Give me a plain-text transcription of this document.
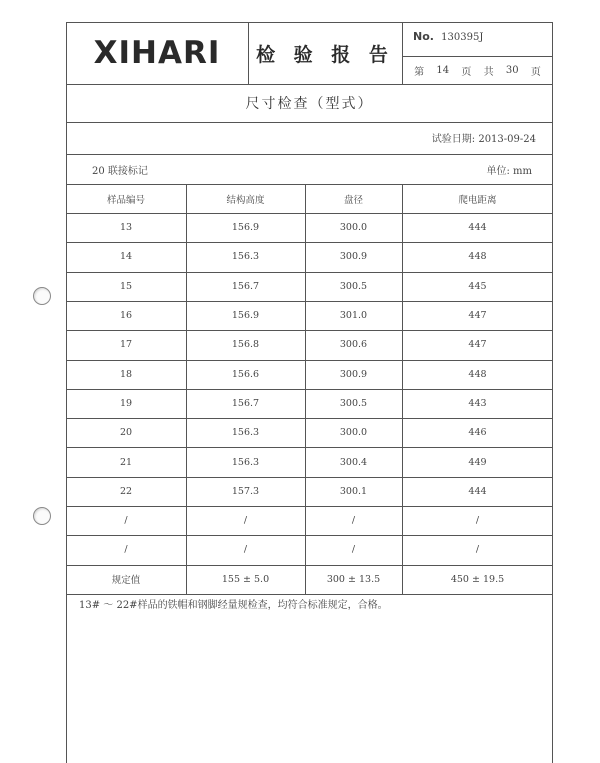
XIHARI	检 验 报 告
No. 130395J
第 14 页 共 30 页
尺寸检查（型式）
试验日期: 2013-09-24
20 联接标记	单位: mm
样品编号	结构高度	盘径	爬电距离
13	156.9	300.0	444
14	156.3	300.9	448
15	156.7	300.5	445
16	156.9	301.0	447
17	156.8	300.6	447
18	156.6	300.9	448
19	156.7	300.5	443
20	156.3	300.0	446
21	156.3	300.4	449
22	157.3	300.1	444
/	/	/	/
/	/	/	/
规定值	155 ± 5.0	300 ± 13.5	450 ± 19.5
13# ～ 22#样品的铁帽和钢脚经量规检查，均符合标准规定，合格。
